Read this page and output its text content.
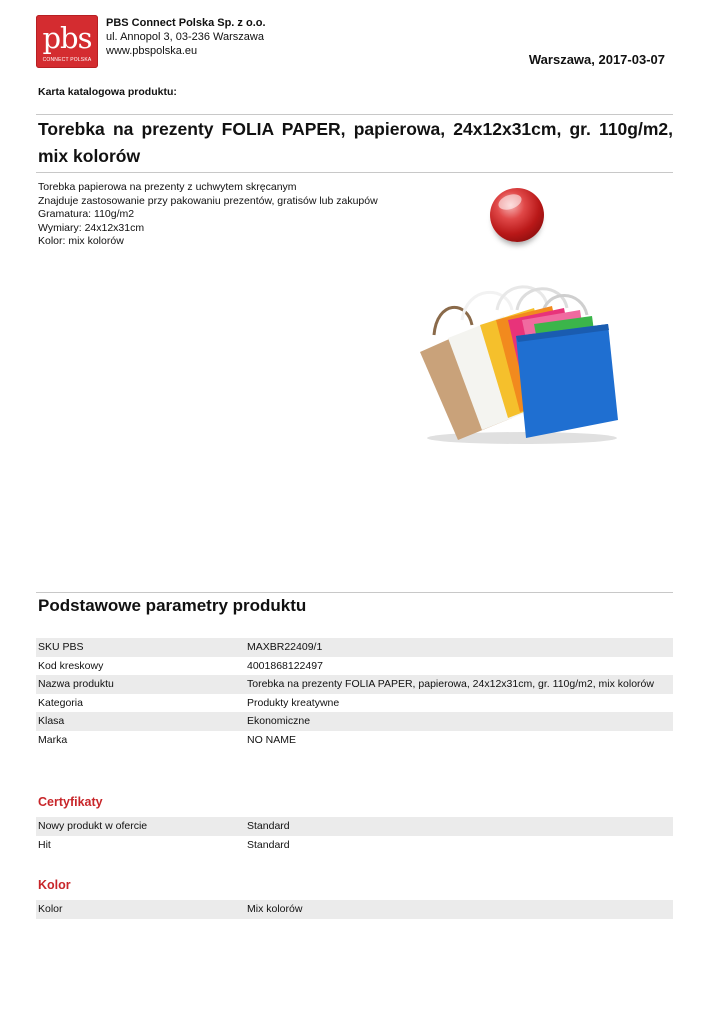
pbs
CONNECT POLSKA
PBS Connect Polska Sp. z o.o.
ul. Annopol 3, 03-236 Warszawa
www.pbspolska.eu
Warszawa, 2017-03-07
Karta katalogowa produktu:
Torebka na prezenty FOLIA PAPER, papierowa, 24x12x31cm, gr. 110g/m2, mix kolorów
Torebka papierowa na prezenty z uchwytem skręcanym
Znajduje zastosowanie przy pakowaniu prezentów, gratisów lub zakupów
Gramatura: 110g/m2
Wymiary: 24x12x31cm
Kolor: mix kolorów
Podstawowe parametry produktu
SKU PBS	MAXBR22409/1
Kod kreskowy	4001868122497
Nazwa produktu	Torebka na prezenty FOLIA PAPER, papierowa, 24x12x31cm, gr. 110g/m2, mix kolorów
Kategoria	Produkty kreatywne
Klasa	Ekonomiczne
Marka	NO NAME
Certyfikaty
Nowy produkt w ofercie	Standard
Hit	Standard
Kolor
Kolor	Mix kolorów
